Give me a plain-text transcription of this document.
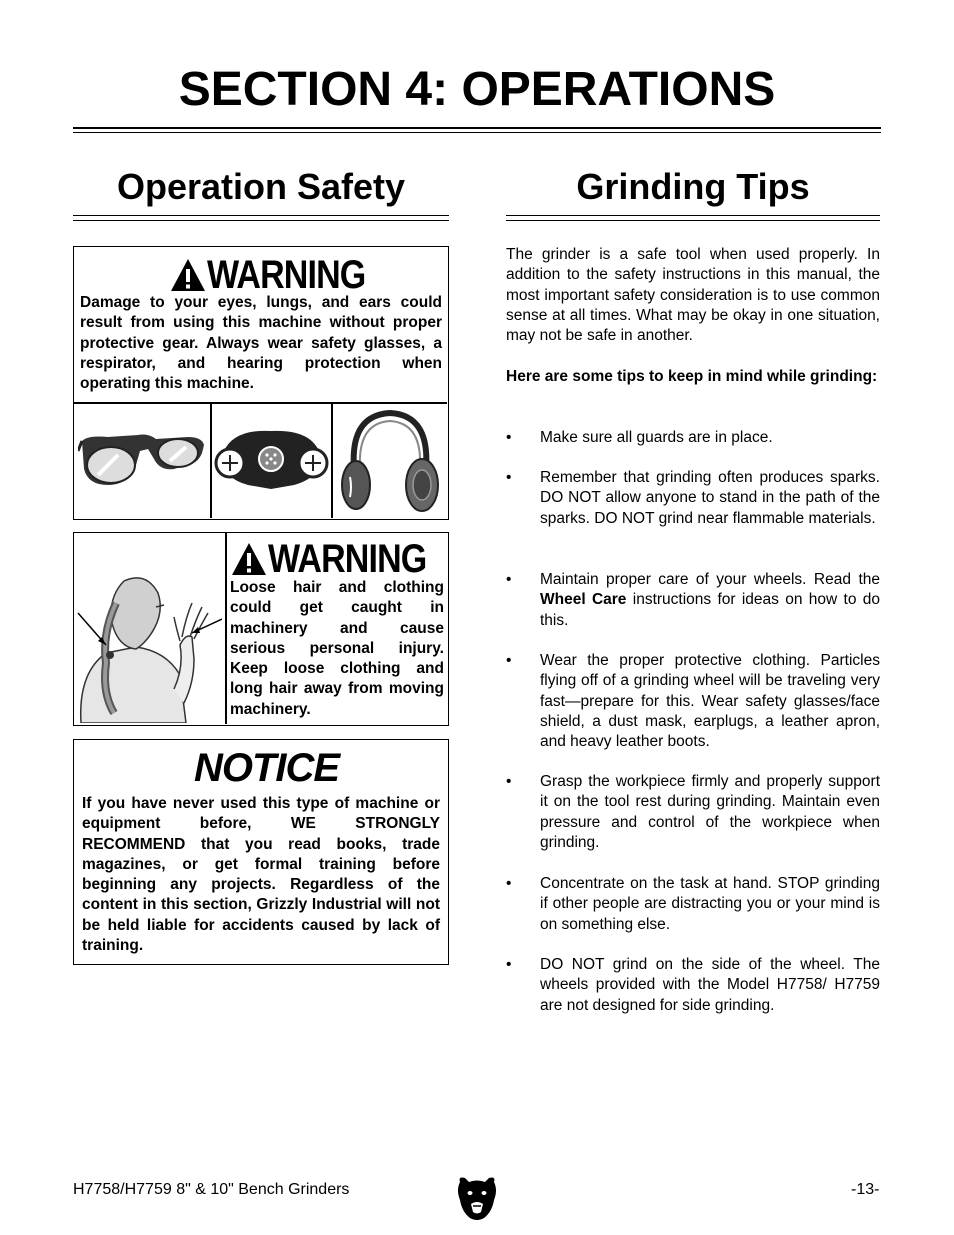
SECTION 4: OPERATIONS
Operation Safety	Grinding Tips
WARNING

Damage to your eyes, lungs, and ears could result from using this machine without proper protective gear. Always wear safety glasses, a respirator, and hearing protection when operating this machine.

WARNING

Loose hair and clothing could get caught in machinery and cause serious personal injury. Keep loose clothing and long hair away from moving machinery.

NOTICE

If you have never used this type of machine or equipment before, WE STRONGLY RECOMMEND that you read books, trade magazines, or get formal training before beginning any projects. Regardless of the content in this section, Grizzly Industrial will not be held liable for accidents caused by lack of training.

The grinder is a safe tool when used properly. In addition to the safety instructions in this manual, the most important safety consideration is to use common sense at all times. What may be okay in one situation, may not be safe in another.

Here are some tips to keep in mind while grinding:

• Make sure all guards are in place.
• Remember that grinding often produces sparks. DO NOT allow anyone to stand in the path of the sparks. DO NOT grind near flammable materials.
• Maintain proper care of your wheels. Read the Wheel Care instructions for ideas on how to do this.
• Wear the proper protective clothing. Particles flying off of a grinding wheel will be traveling very fast—prepare for this. Wear safety glasses/face shield, a dust mask, earplugs, a leather apron, and heavy leather boots.
• Grasp the workpiece firmly and properly support it on the tool rest during grinding. Maintain even pressure and control of the workpiece when grinding.
• Concentrate on the task at hand. STOP grinding if other people are distracting you or your mind is on something else.
• DO NOT grind on the side of the wheel. The wheels provided with the Model H7758/ H7759 are not designed for side grinding.
H7758/H7759 8" & 10" Bench Grinders	-13-
